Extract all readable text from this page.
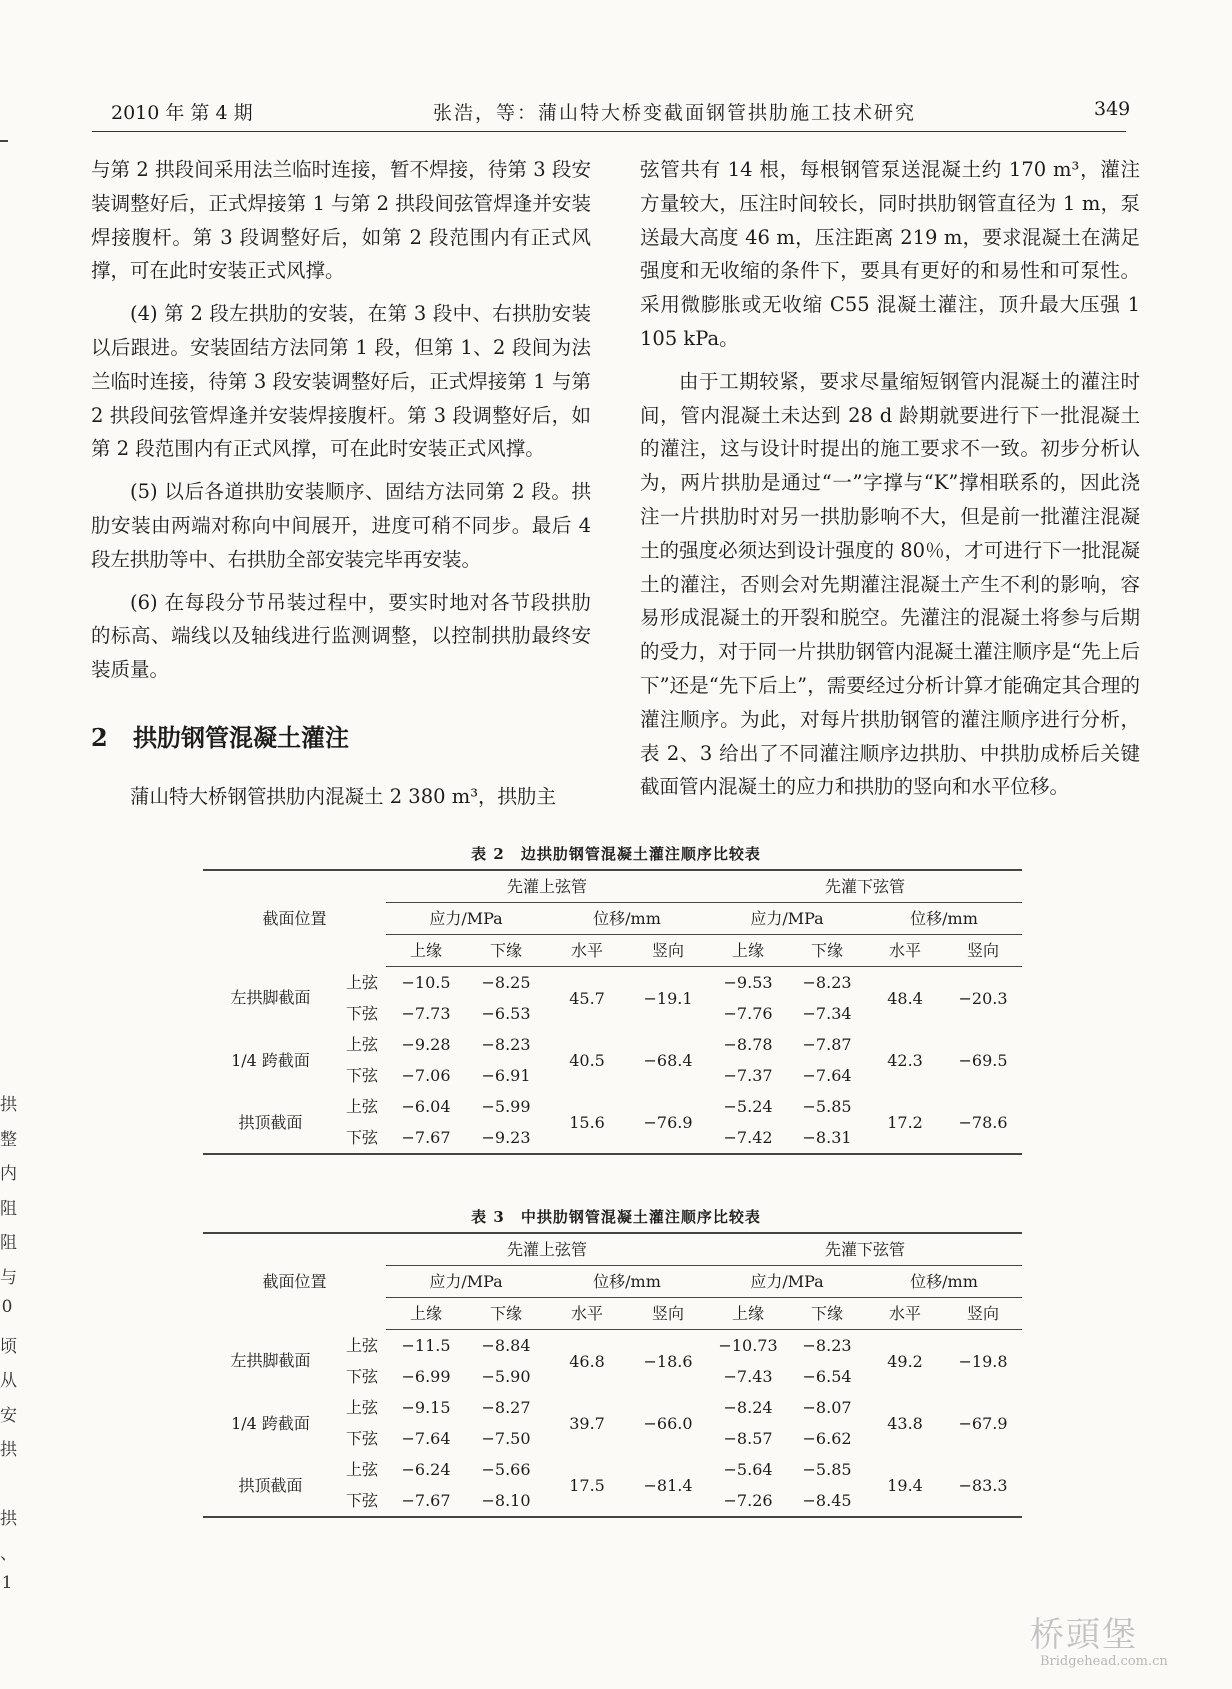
2010 年 第 4 期	张浩，等：蒲山特大桥变截面钢管拱肋施工技术研究	349

与第 2 拱段间采用法兰临时连接，暂不焊接，待第 3 段安装调整好后，正式焊接第 1 与第 2 拱段间弦管焊逢并安装焊接腹杆。第 3 段调整好后，如第 2 段范围内有正式风撑，可在此时安装正式风撑。

(4) 第 2 段左拱肋的安装，在第 3 段中、右拱肋安装以后跟进。安装固结方法同第 1 段，但第 1、2 段间为法兰临时连接，待第 3 段安装调整好后，正式焊接第 1 与第 2 拱段间弦管焊逢并安装焊接腹杆。第 3 段调整好后，如第 2 段范围内有正式风撑，可在此时安装正式风撑。

(5) 以后各道拱肋安装顺序、固结方法同第 2 段。拱肋安装由两端对称向中间展开，进度可稍不同步。最后 4 段左拱肋等中、右拱肋全部安装完毕再安装。

(6) 在每段分节吊装过程中，要实时地对各节段拱肋的标高、端线以及轴线进行监测调整，以控制拱肋最终安装质量。

2 拱肋钢管混凝土灌注
蒲山特大桥钢管拱肋内混凝土 2 380 m³，拱肋主

弦管共有 14 根，每根钢管泵送混凝土约 170 m³，灌注方量较大，压注时间较长，同时拱肋钢管直径为 1 m，泵送最大高度 46 m，压注距离 219 m，要求混凝土在满足强度和无收缩的条件下，要具有更好的和易性和可泵性。采用微膨胀或无收缩 C55 混凝土灌注，顶升最大压强 1 105 kPa。

由于工期较紧，要求尽量缩短钢管内混凝土的灌注时间，管内混凝土未达到 28 d 龄期就要进行下一批混凝土的灌注，这与设计时提出的施工要求不一致。初步分析认为，两片拱肋是通过“一”字撑与“K”撑相联系的，因此浇注一片拱肋时对另一拱肋影响不大，但是前一批灌注混凝土的强度必须达到设计强度的 80％，才可进行下一批混凝土的灌注，否则会对先期灌注混凝土产生不利的影响，容易形成混凝土的开裂和脱空。先灌注的混凝土将参与后期的受力，对于同一片拱肋钢管内混凝土灌注顺序是“先上后下”还是“先下后上”，需要经过分析计算才能确定其合理的灌注顺序。为此，对每片拱肋钢管的灌注顺序进行分析，表 2、3 给出了不同灌注顺序边拱肋、中拱肋成桥后关键截面管内混凝土的应力和拱肋的竖向和水平位移。

拱
整
内
阻
阻
与
0
顷
从
安
拱
拱
、
1
表 2　边拱肋钢管混凝土灌注顺序比较表
截面位置		先灌上弦管				先灌下弦管			
		应力/MPa		位移/mm		应力/MPa		位移/mm	
		上缘	下缘	水平	竖向	上缘	下缘	水平	竖向
左拱脚截面	上弦	−10.5	−8.25	45.7	−19.1	−9.53	−8.23	48.4	−20.3
	下弦	−7.73	−6.53			−7.76	−7.34		
1/4 跨截面	上弦	−9.28	−8.23	40.5	−68.4	−8.78	−7.87	42.3	−69.5
	下弦	−7.06	−6.91			−7.37	−7.64		
拱顶截面	上弦	−6.04	−5.99	15.6	−76.9	−5.24	−5.85	17.2	−78.6
	下弦	−7.67	−9.23			−7.42	−8.31		
表 3　中拱肋钢管混凝土灌注顺序比较表
截面位置		先灌上弦管				先灌下弦管			
		应力/MPa		位移/mm		应力/MPa		位移/mm	
		上缘	下缘	水平	竖向	上缘	下缘	水平	竖向
左拱脚截面	上弦	−11.5	−8.84	46.8	−18.6	−10.73	−8.23	49.2	−19.8
	下弦	−6.99	−5.90			−7.43	−6.54		
1/4 跨截面	上弦	−9.15	−8.27	39.7	−66.0	−8.24	−8.07	43.8	−67.9
	下弦	−7.64	−7.50			−8.57	−6.62		
拱顶截面	上弦	−6.24	−5.66	17.5	−81.4	−5.64	−5.85	19.4	−83.3
	下弦	−7.67	−8.10			−7.26	−8.45		
桥頭堡
Bridgehead.com.cn
